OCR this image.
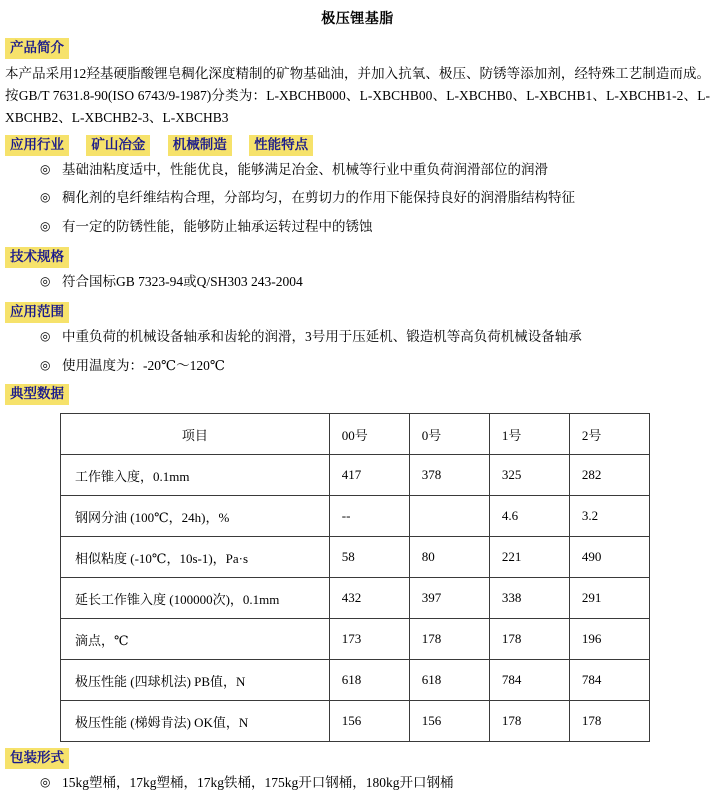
极压锂基脂
产品简介
本产品采用12羟基硬脂酸锂皂稠化深度精制的矿物基础油，并加入抗氧、极压、防锈等添加剂，经特殊工艺制造而成。按GB/T 7631.8-90(ISO 6743/9-1987)分类为：L-XBCHB000、L-XBCHB00、L-XBCHB0、L-XBCHB1、L-XBCHB1-2、L-XBCHB2、L-XBCHB2-3、L-XBCHB3
应用行业 矿山冶金 机械制造 性能特点
◎ 基础油粘度适中，性能优良，能够满足冶金、机械等行业中重负荷润滑部位的润滑
◎ 稠化剂的皂纤维结构合理，分部均匀，在剪切力的作用下能保持良好的润滑脂结构特征
◎ 有一定的防锈性能，能够防止轴承运转过程中的锈蚀
技术规格
◎ 符合国标GB 7323-94或Q/SH303 243-2004
应用范围
◎ 中重负荷的机械设备轴承和齿轮的润滑，3号用于压延机、锻造机等高负荷机械设备轴承
◎ 使用温度为：-20℃～120℃
典型数据
项目	00号	0号	1号	2号
工作锥入度，0.1mm	417	378	325	282
钢网分油 (100℃，24h)，%	--		4.6	3.2
相似粘度 (-10℃，10s-1)，Pa·s	58	80	221	490
延长工作锥入度 (100000次)，0.1mm	432	397	338	291
滴点，℃	173	178	178	196
极压性能 (四球机法) PB值，N	618	618	784	784
极压性能 (梯姆肯法) OK值，N	156	156	178	178
包装形式
◎ 15kg塑桶，17kg塑桶，17kg铁桶，175kg开口钢桶，180kg开口钢桶
